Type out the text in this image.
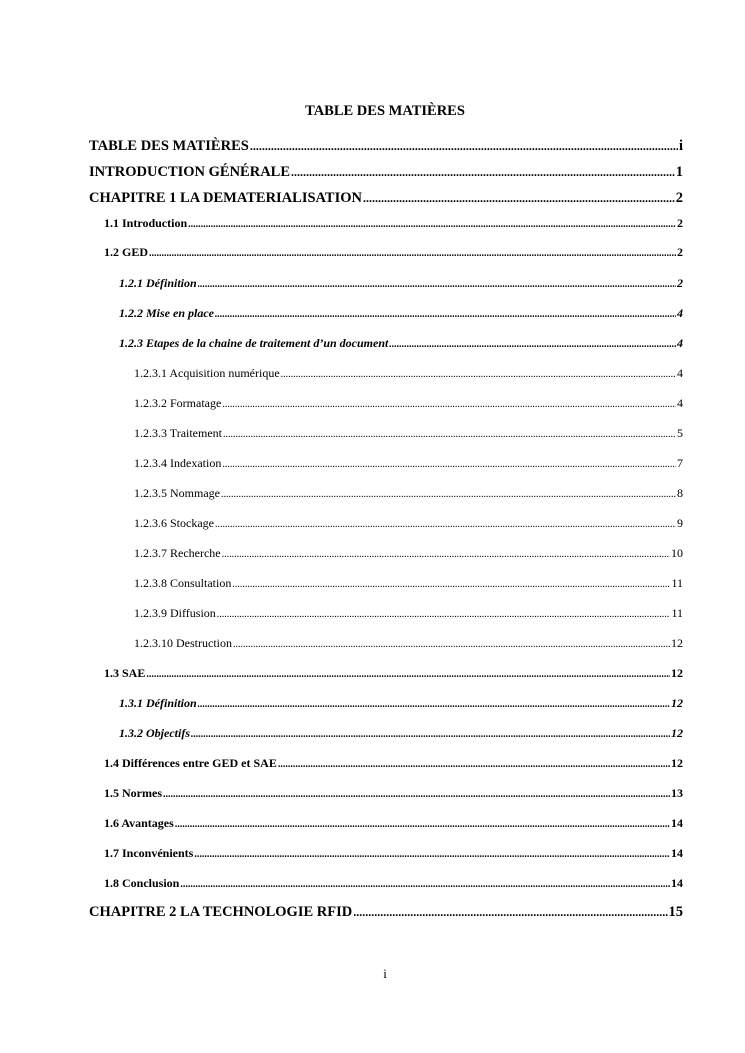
TABLE DES MATIÈRES
TABLE DES MATIÈRES .....	i
INTRODUCTION GÉNÉRALE .....	1
CHAPITRE 1 LA DEMATERIALISATION .....	2
1.1 Introduction .....	2
1.2 GED .....	2
1.2.1 Définition .....	2
1.2.2 Mise en place .....	4
1.2.3 Etapes de la chaine de traitement d’un document .....	4
1.2.3.1 Acquisition numérique .....	4
1.2.3.2 Formatage .....	4
1.2.3.3 Traitement .....	5
1.2.3.4 Indexation .....	7
1.2.3.5 Nommage .....	8
1.2.3.6 Stockage .....	9
1.2.3.7 Recherche .....	10
1.2.3.8 Consultation .....	11
1.2.3.9 Diffusion .....	11
1.2.3.10 Destruction .....	12
1.3 SAE .....	12
1.3.1 Définition .....	12
1.3.2 Objectifs .....	12
1.4 Différences entre GED et SAE .....	12
1.5 Normes .....	13
1.6 Avantages .....	14
1.7 Inconvénients .....	14
1.8 Conclusion .....	14
CHAPITRE 2 LA TECHNOLOGIE RFID .....	15
i
